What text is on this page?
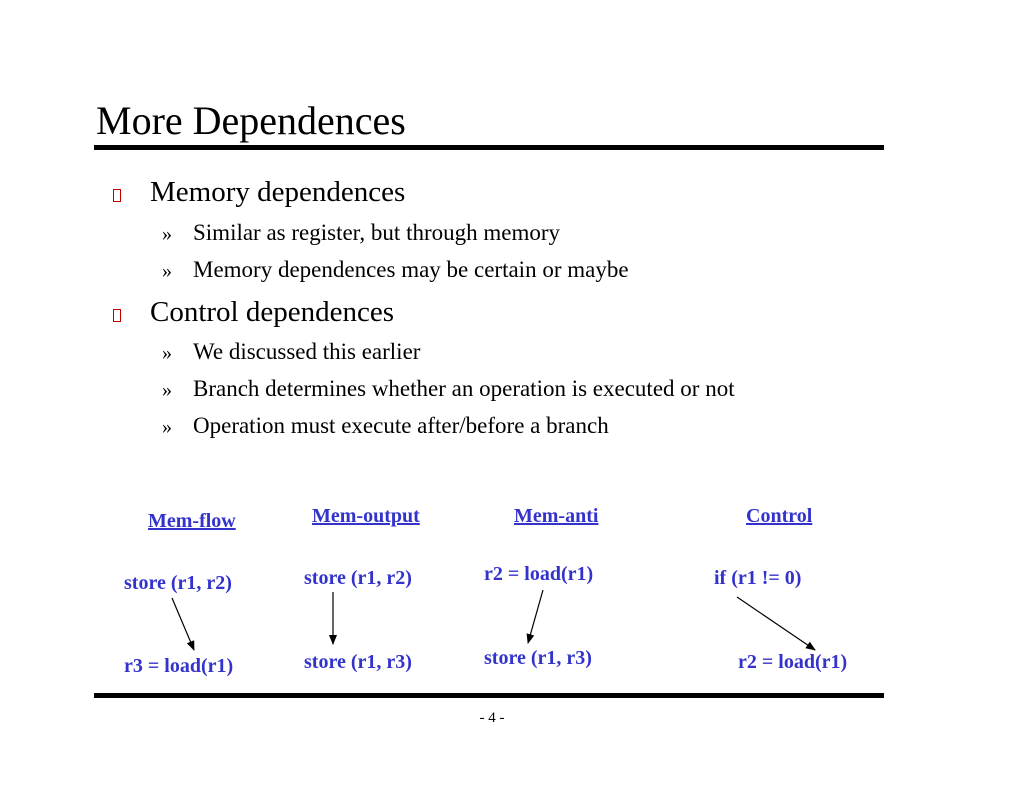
More Dependences
Memory dependences
» Similar as register, but through memory
» Memory dependences may be certain or maybe
Control dependences
» We discussed this earlier
» Branch determines whether an operation is executed or not
» Operation must execute after/before a branch
Mem-flow
store (r1, r2)
r3 = load(r1)
Mem-output
store (r1, r2)
store (r1, r3)
Mem-anti
r2 = load(r1)
store (r1, r3)
Control
if (r1 != 0)
r2 = load(r1)
- 4 -
